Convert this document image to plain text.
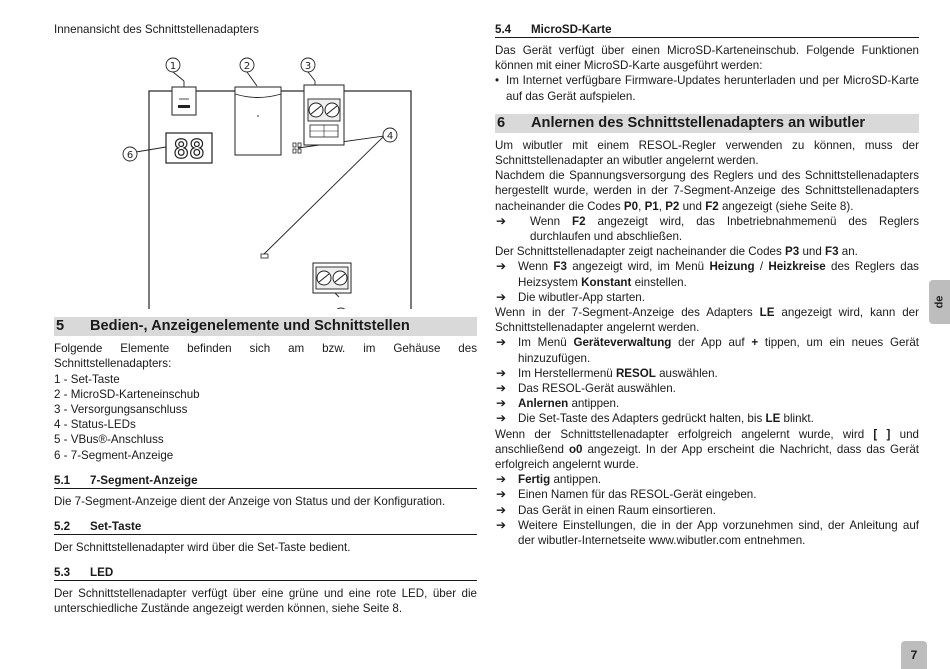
Innenansicht des Schnittstellenadapters

88
1	2	3
4
6
5	Bedien-, Anzeigenelemente und Schnittstellen

Folgende Elemente befinden sich am bzw. im Gehäuse des Schnittstellenadapters:

1 - Set-Taste
2 - MicroSD-Karteneinschub
3 - Versorgungsanschluss
4 - Status-LEDs
5 - VBus®-Anschluss
6 - 7-Segment-Anzeige
5.1	7-Segment-Anzeige

Die 7-Segment-Anzeige dient der Anzeige von Status und der Konfiguration.

5.2	Set-Taste

Der Schnittstellenadapter wird über die Set-Taste bedient.

5.3	LED

Der Schnittstellenadapter verfügt über eine grüne und eine rote LED, über die unterschiedliche Zustände angezeigt werden können, siehe Seite 8.

5.4	MicroSD-Karte

Das Gerät verfügt über einen MicroSD-Karteneinschub. Folgende Funktionen können mit einer MicroSD-Karte ausgeführt werden:

• Im Internet verfügbare Firmware-Updates herunterladen und per MicroSD-Karte auf das Gerät aufspielen.
6	Anlernen des Schnittstellenadapters an wibutler

Um wibutler mit einem RESOL-Regler verwenden zu können, muss der Schnittstellenadapter an wibutler angelernt werden.

Nachdem die Spannungsversorgung des Reglers und des Schnittstellenadapters hergestellt wurde, werden in der 7-Segment-Anzeige des Schnittstellenadapters nacheinander die Codes P0, P1, P2 und F2 angezeigt (siehe Seite 8).

➔ Wenn F2 angezeigt wird, das Inbetriebnahmemenü des Reglers durchlaufen und abschließen.

Der Schnittstellenadapter zeigt nacheinander die Codes P3 und F3 an.

➔ Wenn F3 angezeigt wird, im Menü Heizung / Heizkreise des Reglers das Heizsystem Konstant einstellen.
➔ Die wibutler-App starten.

Wenn in der 7-Segment-Anzeige des Adapters LE angezeigt wird, kann der Schnittstellenadapter angelernt werden.

➔ Im Menü Geräteverwaltung der App auf + tippen, um ein neues Gerät hinzuzufügen.
➔ Im Herstellermenü RESOL auswählen.
➔ Das RESOL-Gerät auswählen.
➔ Anlernen antippen.
➔ Die Set-Taste des Adapters gedrückt halten, bis LE blinkt.

Wenn der Schnittstellenadapter erfolgreich angelernt wurde, wird [ ] und anschließend o0 angezeigt. In der App erscheint die Nachricht, dass das Gerät erfolgreich angelernt wurde.

➔ Fertig antippen.
➔ Einen Namen für das RESOL-Gerät eingeben.
➔ Das Gerät in einen Raum einsortieren.
➔ Weitere Einstellungen, die in der App vorzunehmen sind, der Anleitung auf der wibutler-Internetseite www.wibutler.com entnehmen.
de
7
